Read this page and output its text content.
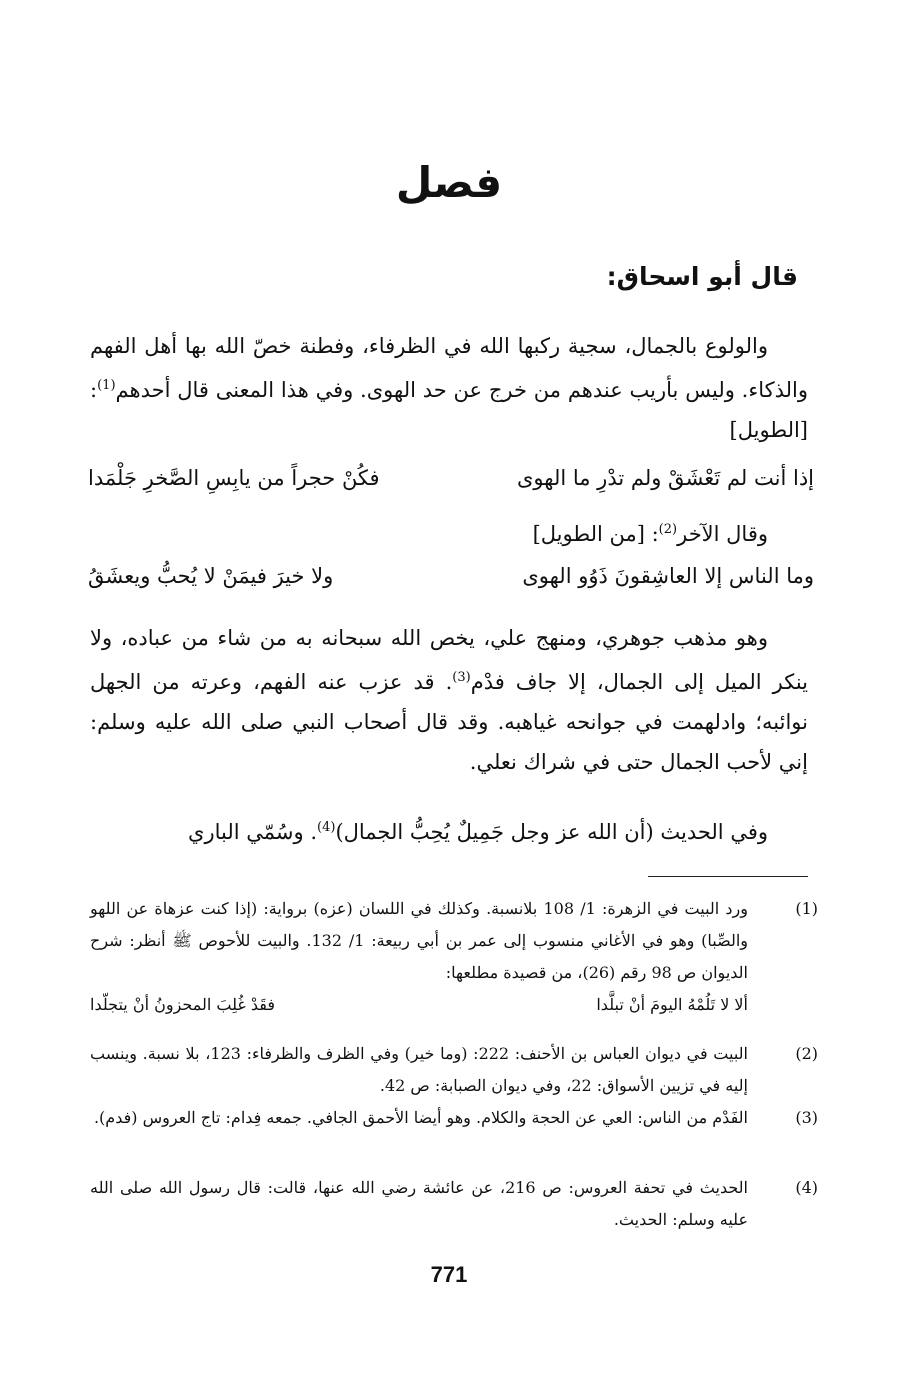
فصل
قال أبو اسحاق:
والولوع بالجمال، سجية ركبها الله في الظرفاء، وفطنة خصّ الله بها أهل الفهم والذكاء. وليس بأريب عندهم من خرج عن حد الهوى. وفي هذا المعنى قال أحدهم$^{(1)}$: [الطويل]
إذا أنت لم تَعْشَقْ ولم تدْرِ ما الهوى
فكُنْ حجراً من يابِسِ الصَّخرِ جَلْمَدا
وقال الآخر$^{(2)}$: [من الطويل]
وما الناس إلا العاشِقونَ ذَوُو الهوى
ولا خيرَ فيمَنْ لا يُحبُّ ويعشَقُ
وهو مذهب جوهري، ومنهج علي، يخص الله سبحانه به من شاء من عباده، ولا ينكر الميل إلى الجمال، إلا جاف فدْم$^{(3)}$. قد عزب عنه الفهم، وعرته من الجهل نوائبه؛ وادلهمت في جوانحه غياهبه. وقد قال أصحاب النبي صلى الله عليه وسلم: إني لأحب الجمال حتى في شراك نعلي.
وفي الحديث (أن الله عز وجل جَمِيلٌ يُحِبُّ الجمال)$^{(4)}$. وسُمّي الباري
(1)
ورد البيت في الزهرة: 1/ 108 بلانسبة. وكذلك في اللسان (عزه) برواية: (إذا كنت عزهاة عن اللهو والصِّبا) وهو في الأغاني منسوب إلى عمر بن أبي ربيعة: 1/ 132. والبيت للأحوص ﷺ أنظر: شرح الديوان ص 98 رقم (26)، من قصيدة مطلعها:
ألا لا تَلُمْهُ اليومَ أنْ تبلَّدا
فقَدْ غُلِبَ المحزونُ أنْ يتجلّدا
(2)
البيت في ديوان العباس بن الأحنف: 222: (وما خير) وفي الظرف والظرفاء: 123، بلا نسبة. وينسب إليه في تزيين الأسواق: 22، وفي ديوان الصبابة: ص 42.
(3)
الفَدْم من الناس: العي عن الحجة والكلام. وهو أيضا الأحمق الجافي. جمعه فِدام: تاج العروس (فدم).
(4)
الحديث في تحفة العروس: ص 216، عن عائشة رضي الله عنها، قالت: قال رسول الله صلى الله عليه وسلم: الحديث.
771
